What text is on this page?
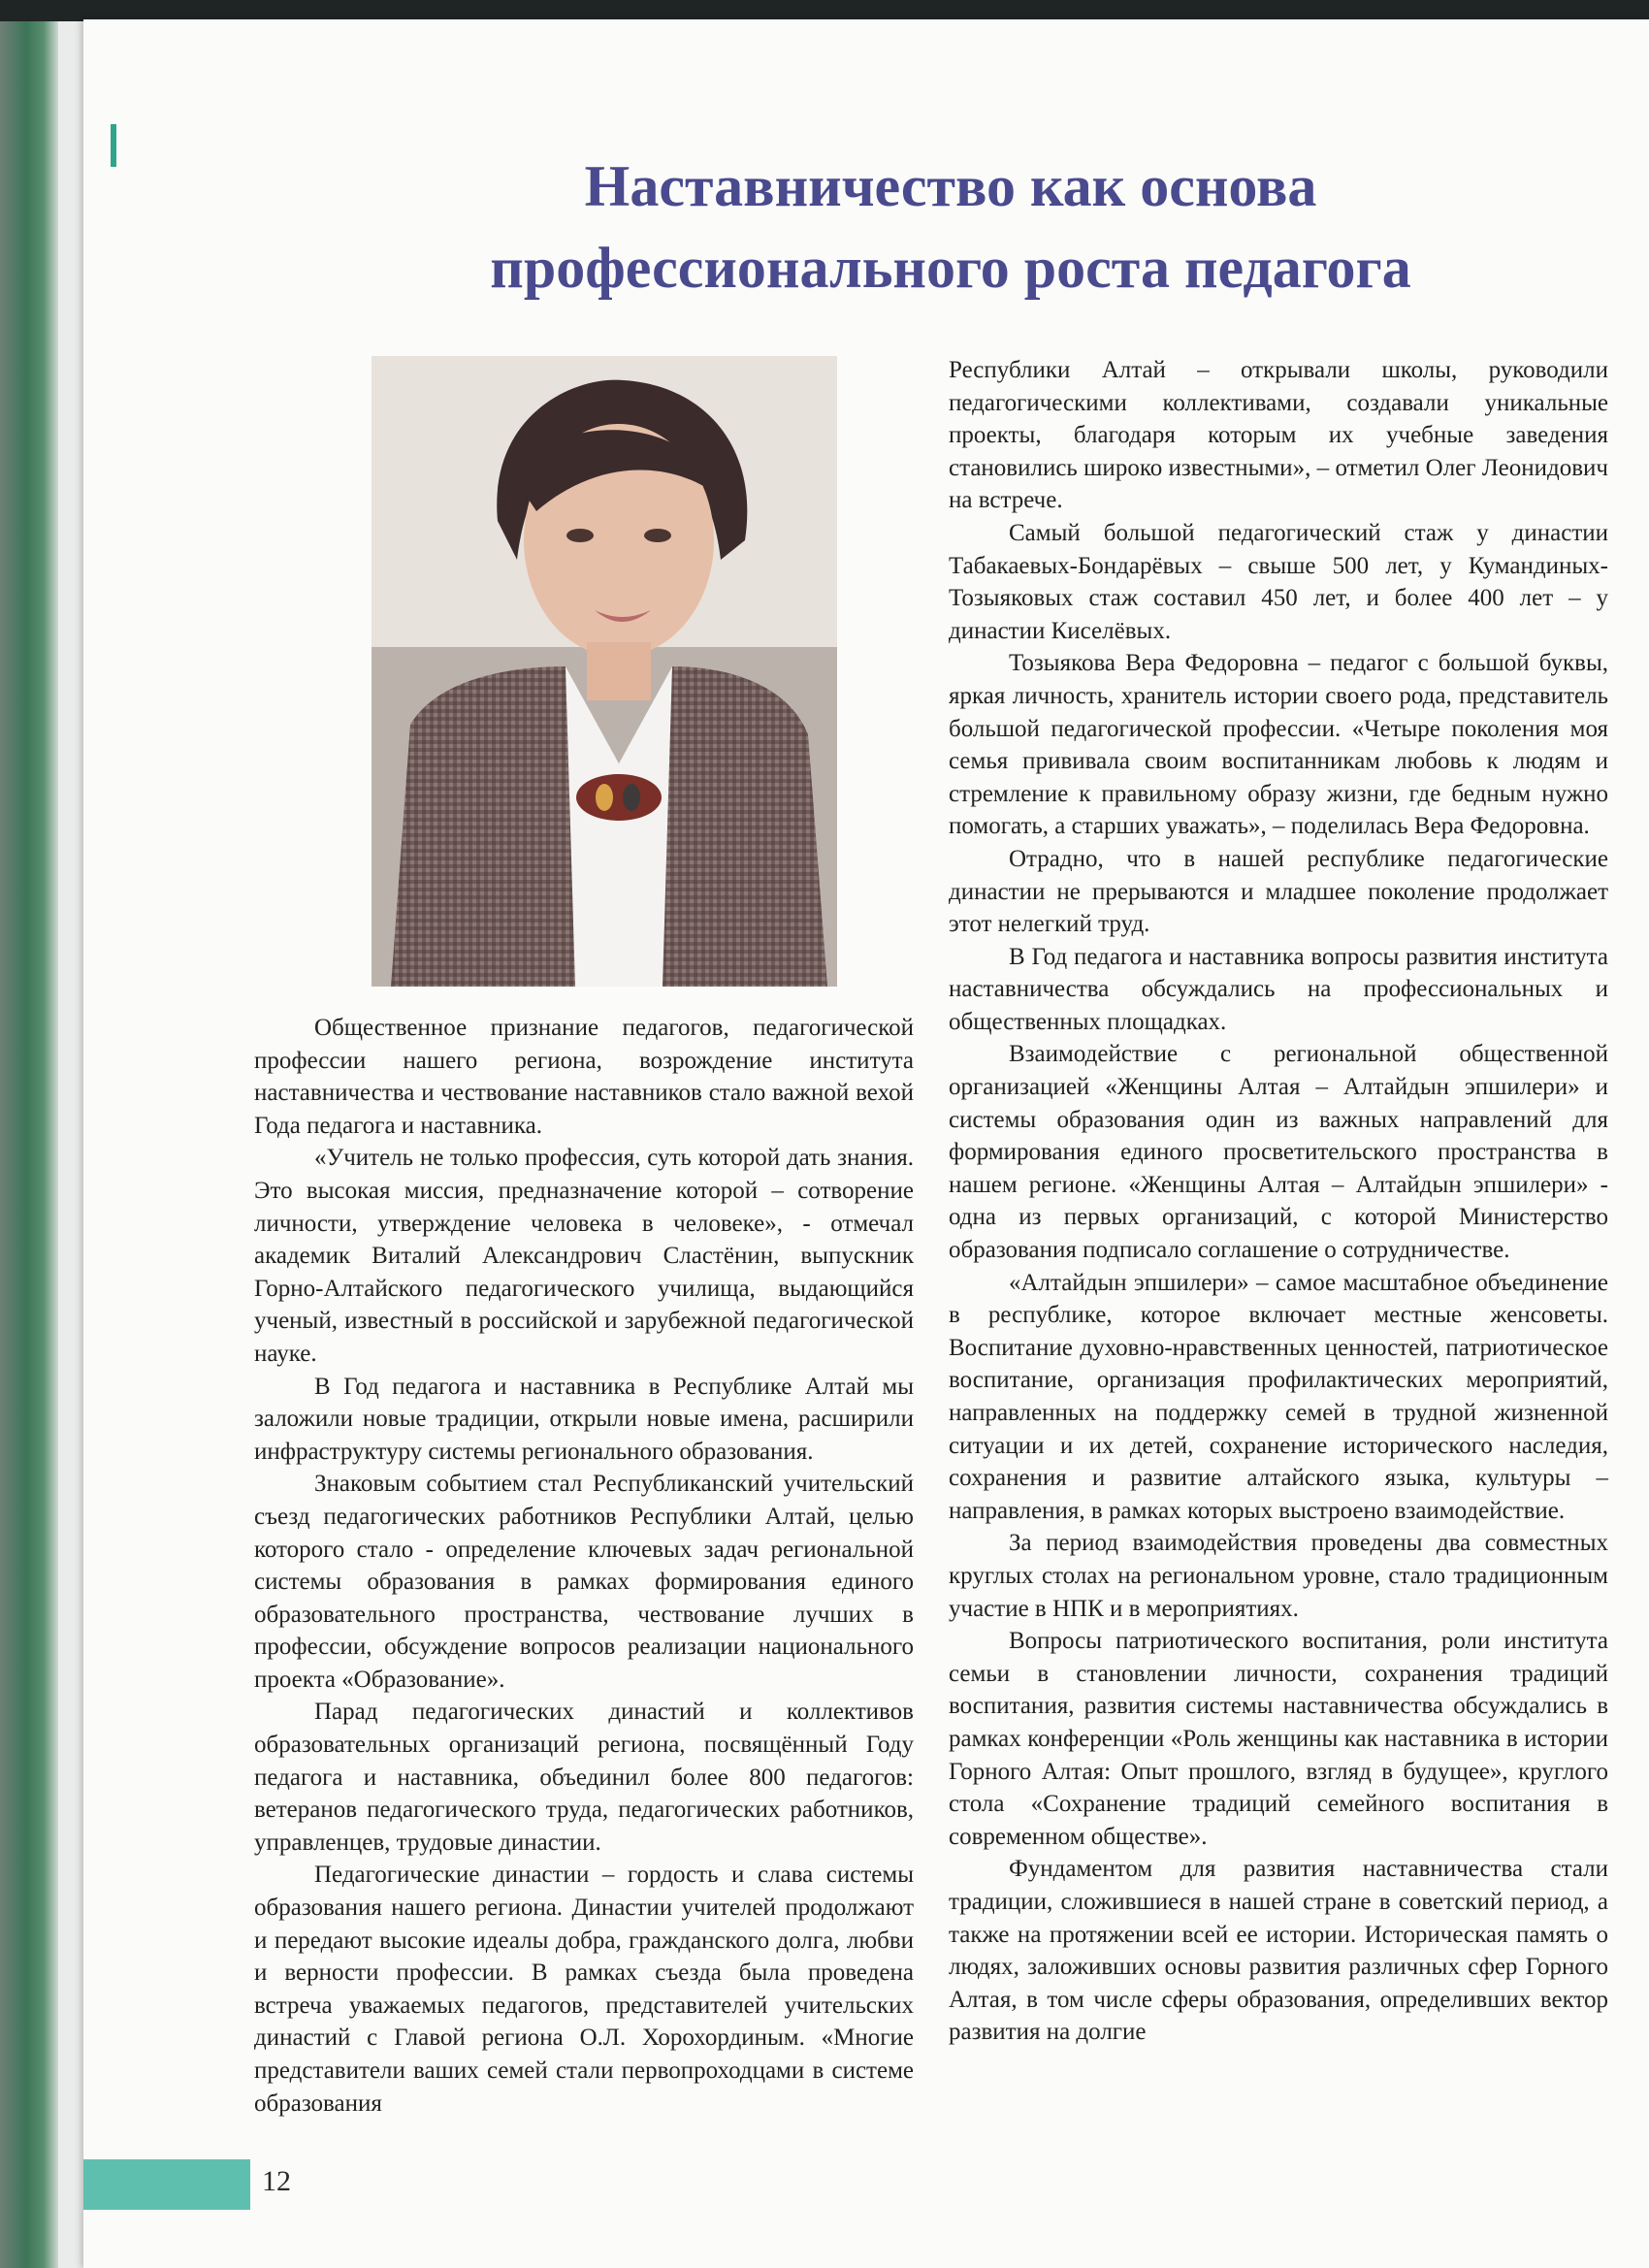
Наставничество как основа
профессионального роста педагога

Общественное признание педагогов, педагогической профессии нашего региона, возрождение института наставничества и чествование наставников стало важной вехой Года педагога и наставника.

«Учитель не только профессия, суть которой дать знания. Это высокая миссия, предназначение которой – сотворение личности, утверждение человека в человеке», - отмечал академик Виталий Александрович Сластёнин, выпускник Горно-Алтайского педагогического училища, выдающийся ученый, известный в российской и зарубежной педагогической науке.

В Год педагога и наставника в Республике Алтай мы заложили новые традиции, открыли новые имена, расширили инфраструктуру системы регионального образования.

Знаковым событием стал Республиканский учительский съезд педагогических работников Республики Алтай, целью которого стало - определение ключевых задач региональной системы образования в рамках формирования единого образовательного пространства, чествование лучших в профессии, обсуждение вопросов реализации национального проекта «Образование».

Парад педагогических династий и коллективов образовательных организаций региона, посвящённый Году педагога и наставника, объединил более 800 педагогов: ветеранов педагогического труда, педагогических работников, управленцев, трудовые династии.

Педагогические династии – гордость и слава системы образования нашего региона. Династии учителей продолжают и передают высокие идеалы добра, гражданского долга, любви и верности профессии. В рамках съезда была проведена встреча уважаемых педагогов, представителей учительских династий с Главой региона О.Л. Хорохординым. «Многие представители ваших семей стали первопроходцами в системе образования

Республики Алтай – открывали школы, руководили педагогическими коллективами, создавали уникальные проекты, благодаря которым их учебные заведения становились широко известными», – отметил Олег Леонидович на встрече.

Самый большой педагогический стаж у династии Табакаевых-Бондарёвых – свыше 500 лет, у Кумандиных-Тозыяковых стаж составил 450 лет, и более 400 лет – у династии Киселёвых.

Тозыякова Вера Федоровна – педагог с большой буквы, яркая личность, хранитель истории своего рода, представитель большой педагогической профессии. «Четыре поколения моя семья прививала своим воспитанникам любовь к людям и стремление к правильному образу жизни, где бедным нужно помогать, а старших уважать», – поделилась Вера Федоровна.

Отрадно, что в нашей республике педагогические династии не прерываются и младшее поколение продолжает этот нелегкий труд.

В Год педагога и наставника вопросы развития института наставничества обсуждались на профессиональных и общественных площадках.

Взаимодействие с региональной общественной организацией «Женщины Алтая – Алтайдын эпшилери» и системы образования один из важных направлений для формирования единого просветительского пространства в нашем регионе. «Женщины Алтая – Алтайдын эпшилери» - одна из первых организаций, с которой Министерство образования подписало соглашение о сотрудничестве.

«Алтайдын эпшилери» – самое масштабное объединение в республике, которое включает местные женсоветы. Воспитание духовно-нравственных ценностей, патриотическое воспитание, организация профилактических мероприятий, направленных на поддержку семей в трудной жизненной ситуации и их детей, сохранение исторического наследия, сохранения и развитие алтайского языка, культуры – направления, в рамках которых выстроено взаимодействие.

За период взаимодействия проведены два совместных круглых столах на региональном уровне, стало традиционным участие в НПК и в мероприятиях.

Вопросы патриотического воспитания, роли института семьи в становлении личности, сохранения традиций воспитания, развития системы наставничества обсуждались в рамках конференции «Роль женщины как наставника в истории Горного Алтая: Опыт прошлого, взгляд в будущее», круглого стола «Сохранение традиций семейного воспитания в современном обществе».

Фундаментом для развития наставничества стали традиции, сложившиеся в нашей стране в советский период, а также на протяжении всей ее истории. Историческая память о людях, заложивших основы развития различных сфер Горного Алтая, в том числе сферы образования, определивших вектор развития на долгие

12
